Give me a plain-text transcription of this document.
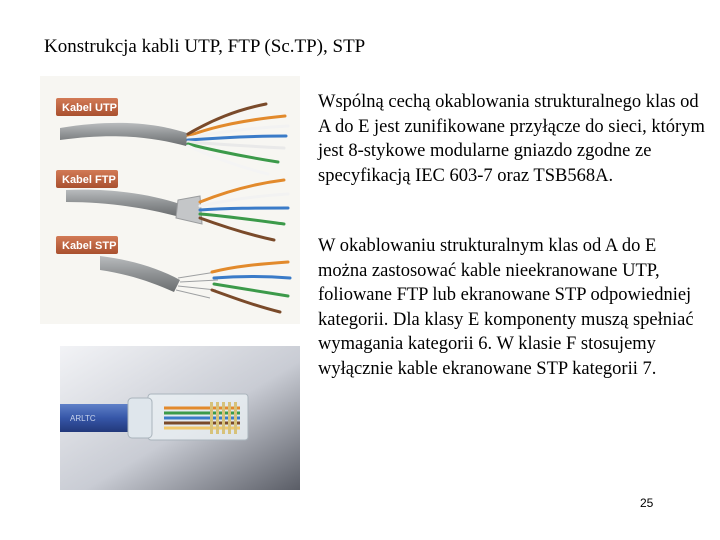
Konstrukcja kabli UTP, FTP (Sc.TP), STP
Kabel UTP
Kabel FTP
Kabel STP
ARLTC

Wspólną cechą okablowania strukturalnego klas od A do E jest zunifikowane przyłącze do sieci, którym jest 8-stykowe modularne gniazdo zgodne ze specyfikacją IEC 603-7 oraz TSB568A.

W okablowaniu strukturalnym klas od A do E można zastosować kable nieekranowane UTP, foliowane FTP lub ekranowane STP odpowiedniej kategorii. Dla klasy E komponenty muszą spełniać wymagania kategorii 6. W klasie F stosujemy wyłącznie kable ekranowane STP kategorii 7.

25
